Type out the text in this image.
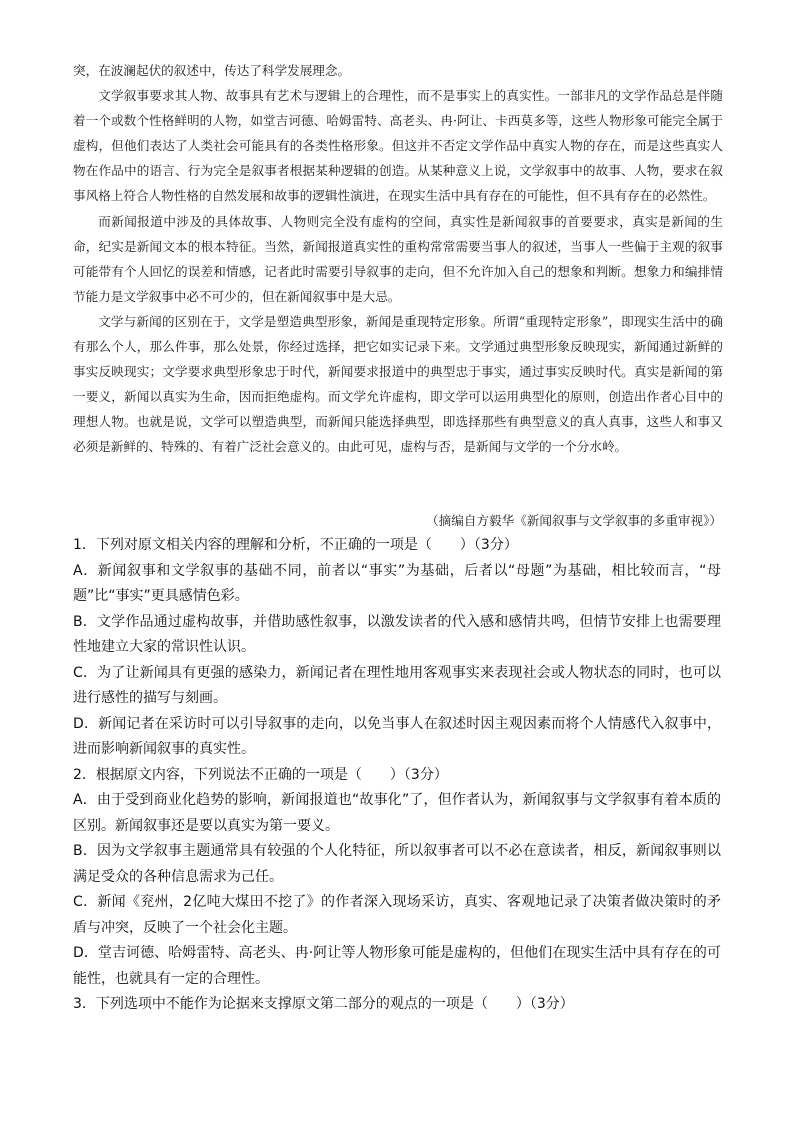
突，在波澜起伏的叙述中，传达了科学发展理念。

文学叙事要求其人物、故事具有艺术与逻辑上的合理性，而不是事实上的真实性。一部非凡的文学作品总是伴随着一个或数个性格鲜明的人物，如堂吉诃德、哈姆雷特、高老头、冉·阿让、卡西莫多等，这些人物形象可能完全属于虚构，但他们表达了人类社会可能具有的各类性格形象。但这并不否定文学作品中真实人物的存在，而是这些真实人物在作品中的语言、行为完全是叙事者根据某种逻辑的创造。从某种意义上说，文学叙事中的故事、人物，要求在叙事风格上符合人物性格的自然发展和故事的逻辑性演进，在现实生活中具有存在的可能性，但不具有存在的必然性。

而新闻报道中涉及的具体故事、人物则完全没有虚构的空间，真实性是新闻叙事的首要要求，真实是新闻的生命，纪实是新闻文本的根本特征。当然，新闻报道真实性的重构常常需要当事人的叙述，当事人一些偏于主观的叙事可能带有个人回忆的误差和情感，记者此时需要引导叙事的走向，但不允许加入自己的想象和判断。想象力和编排情节能力是文学叙事中必不可少的，但在新闻叙事中是大忌。

文学与新闻的区别在于，文学是塑造典型形象，新闻是重现特定形象。所谓“重现特定形象”，即现实生活中的确有那么个人，那么件事，那么处景，你经过选择，把它如实记录下来。文学通过典型形象反映现实，新闻通过新鲜的事实反映现实；文学要求典型形象忠于时代，新闻要求报道中的典型忠于事实，通过事实反映时代。真实是新闻的第一要义，新闻以真实为生命，因而拒绝虚构。而文学允许虚构，即文学可以运用典型化的原则，创造出作者心目中的理想人物。也就是说，文学可以塑造典型，而新闻只能选择典型，即选择那些有典型意义的真人真事，这些人和事又必须是新鲜的、特殊的、有着广泛社会意义的。由此可见，虚构与否，是新闻与文学的一个分水岭。

（摘编自方毅华《新闻叙事与文学叙事的多重审视》）

1．下列对原文相关内容的理解和分析，不正确的一项是（　　）（3分）

A．新闻叙事和文学叙事的基础不同，前者以“事实”为基础，后者以“母题”为基础，相比较而言，“母题”比“事实”更具感情色彩。

B．文学作品通过虚构故事，并借助感性叙事，以激发读者的代入感和感情共鸣，但情节安排上也需要理性地建立大家的常识性认识。

C．为了让新闻具有更强的感染力，新闻记者在理性地用客观事实来表现社会或人物状态的同时，也可以进行感性的描写与刻画。

D．新闻记者在采访时可以引导叙事的走向，以免当事人在叙述时因主观因素而将个人情感代入叙事中，进而影响新闻叙事的真实性。

2．根据原文内容，下列说法不正确的一项是（　　）（3分）

A．由于受到商业化趋势的影响，新闻报道也“故事化”了，但作者认为，新闻叙事与文学叙事有着本质的区别。新闻叙事还是要以真实为第一要义。

B．因为文学叙事主题通常具有较强的个人化特征，所以叙事者可以不必在意读者，相反，新闻叙事则以满足受众的各种信息需求为己任。

C．新闻《兖州，2亿吨大煤田不挖了》的作者深入现场采访，真实、客观地记录了决策者做决策时的矛盾与冲突，反映了一个社会化主题。

D．堂吉诃德、哈姆雷特、高老头、冉·阿让等人物形象可能是虚构的，但他们在现实生活中具有存在的可能性，也就具有一定的合理性。

3．下列选项中不能作为论据来支撑原文第二部分的观点的一项是（　　）（3分）
